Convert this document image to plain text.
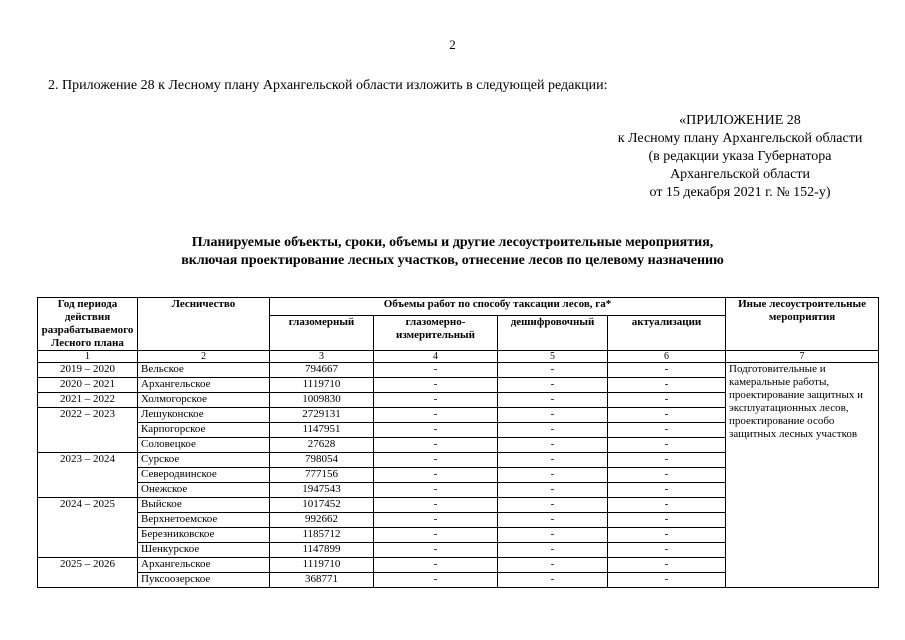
2
2. Приложение 28 к Лесному плану Архангельской области изложить в следующей редакции:
«ПРИЛОЖЕНИЕ 28
к Лесному плану Архангельской области
(в редакции указа Губернатора
Архангельской области
от 15 декабря 2021 г. № 152-у)
Планируемые объекты, сроки, объемы и другие лесоустроительные мероприятия,
включая проектирование лесных участков, отнесение лесов по целевому назначению
Год периода действия разрабатываемого Лесного плана	Лесничество	Объемы работ по способу таксации лесов, га*				Иные лесоустроительные мероприятия
		глазомерный	глазомерно-измерительный	дешифровочный	актуализации	
1	2	3	4	5	6	7
2019 – 2020	Вельское	794667	-	-	-	Подготовительные и камеральные работы, проектирование защитных и эксплуатационных лесов, проектирование особо защитных лесных участков
2020 – 2021	Архангельское	1119710	-	-	-	
2021 – 2022	Холмогорское	1009830	-	-	-	
2022 – 2023	Лешуконское	2729131	-	-	-	
	Карпогорское	1147951	-	-	-	
	Соловецкое	27628	-	-	-	
2023 – 2024	Сурское	798054	-	-	-	
	Северодвинское	777156	-	-	-	
	Онежское	1947543	-	-	-	
2024 – 2025	Выйское	1017452	-	-	-	
	Верхнетоемское	992662	-	-	-	
	Березниковское	1185712	-	-	-	
	Шенкурское	1147899	-	-	-	
2025 – 2026	Архангельское	1119710	-	-	-	
	Пуксоозерское	368771	-	-	-	
